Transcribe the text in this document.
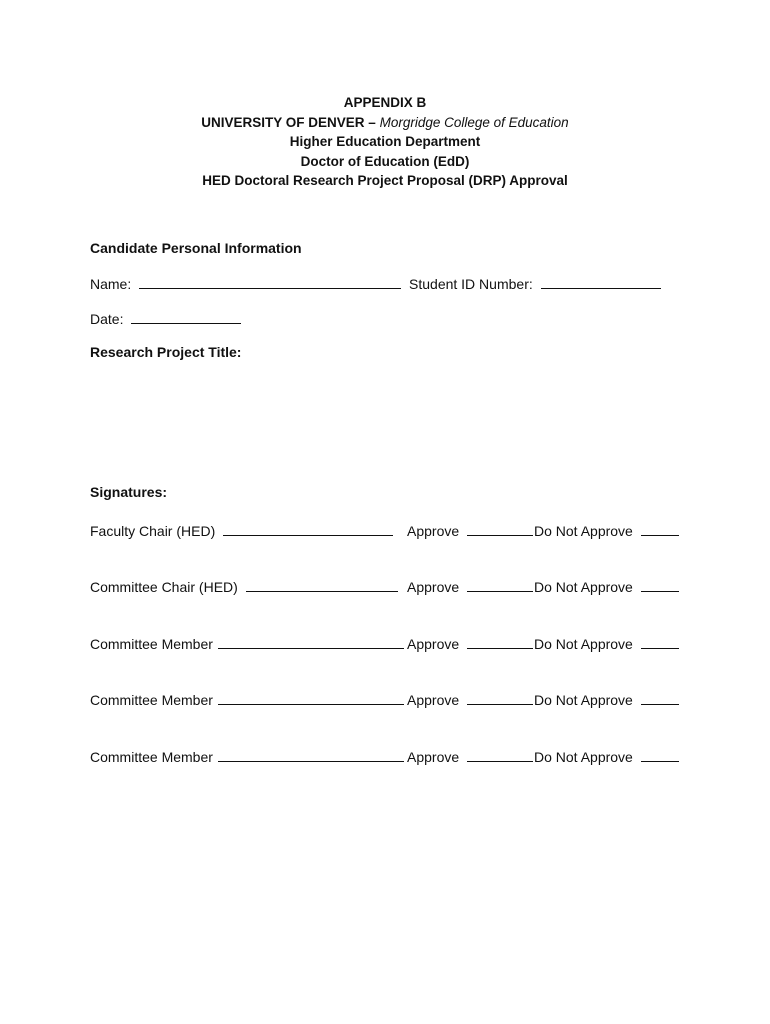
APPENDIX B
UNIVERSITY OF DENVER – Morgridge College of Education
Higher Education Department
Doctor of Education (EdD)
HED Doctoral Research Project Proposal (DRP) Approval
Candidate Personal Information
Name:	Student ID Number:
Date:
Research Project Title:
Signatures:
Faculty Chair (HED)	Approve	Do Not Approve
Committee Chair (HED)	Approve	Do Not Approve
Committee Member	Approve	Do Not Approve
Committee Member	Approve	Do Not Approve
Committee Member	Approve	Do Not Approve
